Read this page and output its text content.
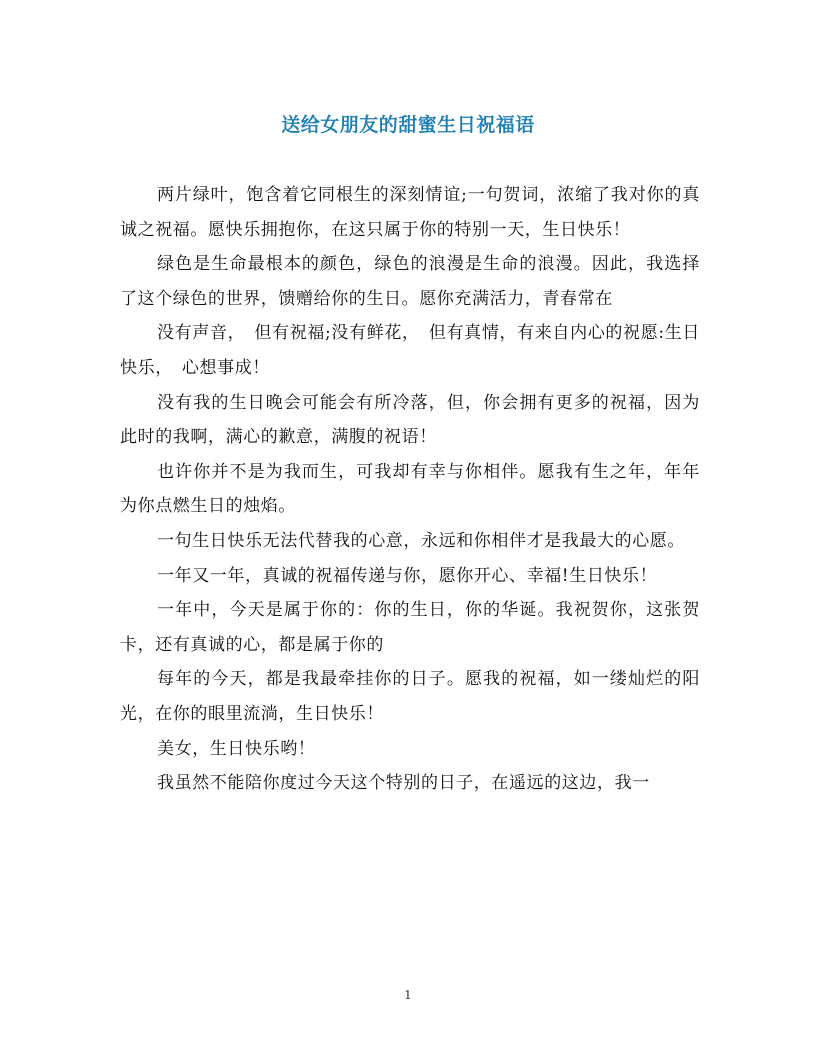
送给女朋友的甜蜜生日祝福语

两片绿叶，饱含着它同根生的深刻情谊;一句贺词，浓缩了我对你的真诚之祝福。愿快乐拥抱你，在这只属于你的特别一天，生日快乐！

绿色是生命最根本的颜色，绿色的浪漫是生命的浪漫。因此，我选择了这个绿色的世界，馈赠给你的生日。愿你充满活力，青春常在

没有声音，　但有祝福;没有鲜花，　但有真情，有来自内心的祝愿:生日快乐，　心想事成！

没有我的生日晚会可能会有所冷落，但，你会拥有更多的祝福，因为此时的我啊，满心的歉意，满腹的祝语！

也许你并不是为我而生，可我却有幸与你相伴。愿我有生之年，年年为你点燃生日的烛焰。

一句生日快乐无法代替我的心意，永远和你相伴才是我最大的心愿。

一年又一年，真诚的祝福传递与你，愿你开心、幸福!生日快乐！

一年中，今天是属于你的：你的生日，你的华诞。我祝贺你，这张贺卡，还有真诚的心，都是属于你的

每年的今天，都是我最牵挂你的日子。愿我的祝福，如一缕灿烂的阳光，在你的眼里流淌，生日快乐！

美女，生日快乐哟！

我虽然不能陪你度过今天这个特别的日子，在遥远的这边，我一

1
